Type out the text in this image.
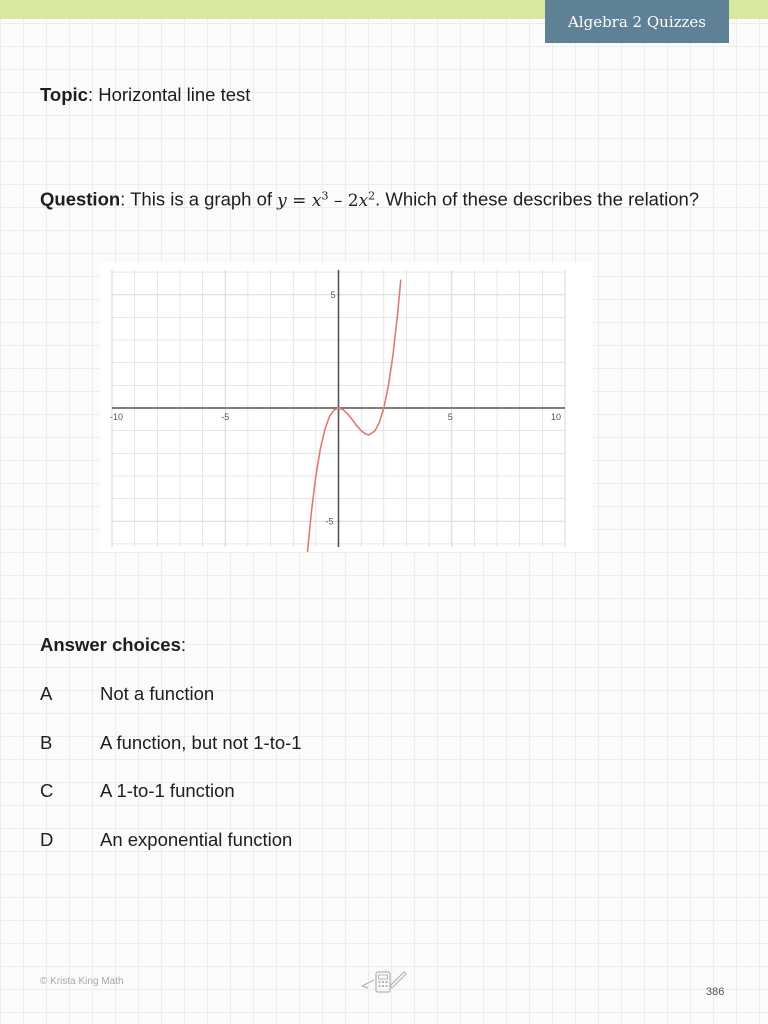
Algebra 2 Quizzes
Topic: Horizontal line test
Question: This is a graph of $y = x^3 - 2x^2$. Which of these describes the relation?
-10	-5	5	10
5
-5
Answer choices:
A	Not a function
B	A function, but not 1-to-1
C	A 1-to-1 function
D	An exponential function
© Krista King Math
386
